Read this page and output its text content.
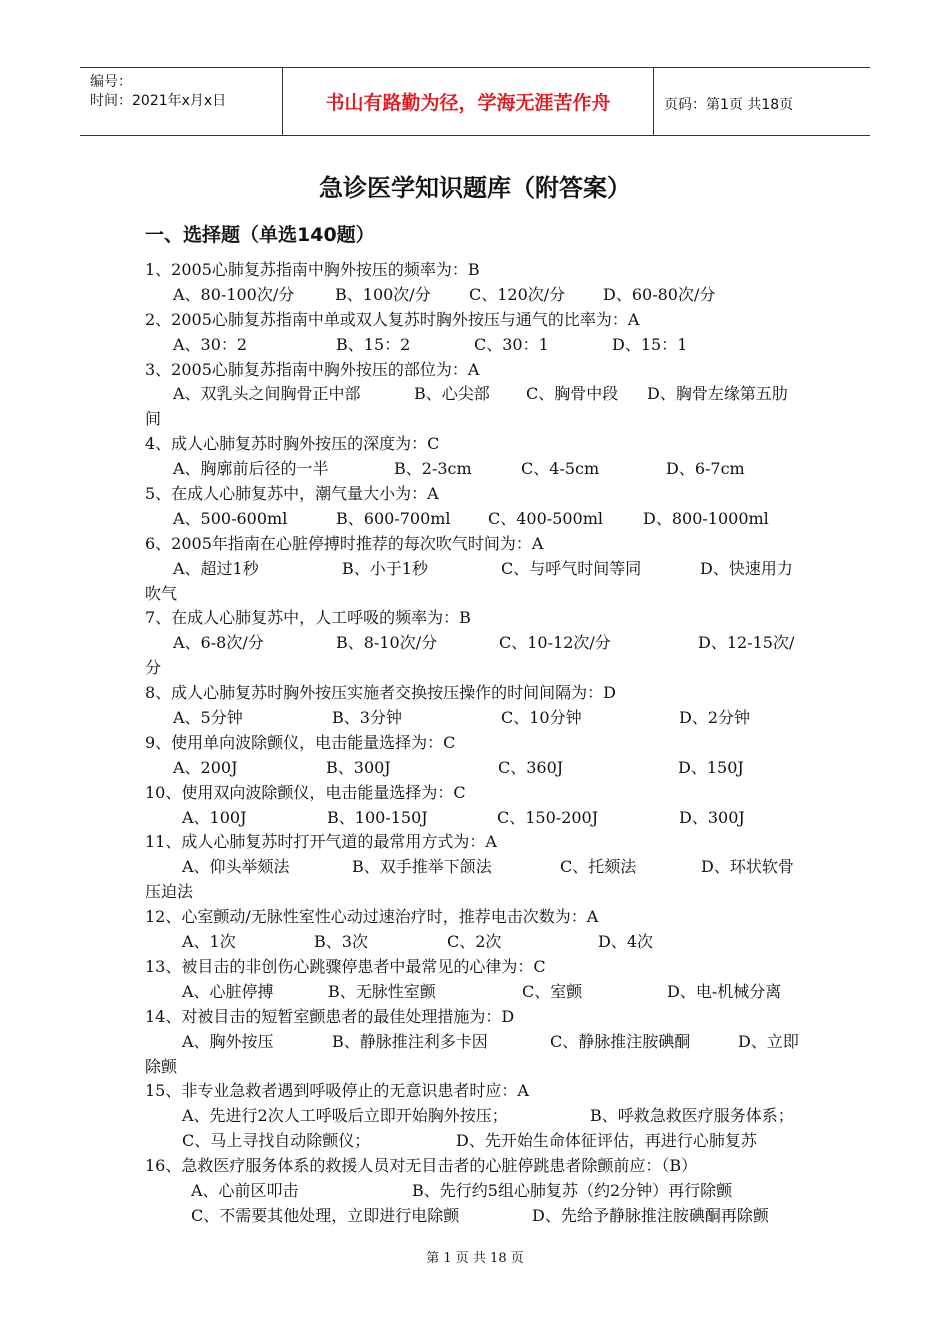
编号：
时间：2021年x月x日	书山有路勤为径，学海无涯苦作舟	页码：第1页 共18页
急诊医学知识题库（附答案）
一、选择题（单选140题）
1、2005心肺复苏指南中胸外按压的频率为：B
A、80-100次/分	B、100次/分	C、120次/分	D、60-80次/分
2、2005心肺复苏指南中单或双人复苏时胸外按压与通气的比率为：A
A、30：2	B、15：2	C、30：1	D、15：1
3、2005心肺复苏指南中胸外按压的部位为：A
A、双乳头之间胸骨正中部	B、心尖部	C、胸骨中段	D、胸骨左缘第五肋
间
4、成人心肺复苏时胸外按压的深度为：C
A、胸廓前后径的一半	B、2-3cm	C、4-5cm	D、6-7cm
5、在成人心肺复苏中，潮气量大小为：A
A、500-600ml	B、600-700ml	C、400-500ml	D、800-1000ml
6、2005年指南在心脏停搏时推荐的每次吹气时间为：A
A、超过1秒	B、小于1秒	C、与呼气时间等同	D、快速用力
吹气
7、在成人心肺复苏中，人工呼吸的频率为：B
A、6-8次/分	B、8-10次/分	C、10-12次/分	D、12-15次/
分
8、成人心肺复苏时胸外按压实施者交换按压操作的时间间隔为：D
A、5分钟	B、3分钟	C、10分钟	D、2分钟
9、使用单向波除颤仪，电击能量选择为：C
A、200J	B、300J	C、360J	D、150J
10、使用双向波除颤仪，电击能量选择为：C
A、100J	B、100-150J	C、150-200J	D、300J
11、成人心肺复苏时打开气道的最常用方式为：A
A、仰头举颏法	B、双手推举下颌法	C、托颏法	D、环状软骨
压迫法
12、心室颤动/无脉性室性心动过速治疗时，推荐电击次数为：A
A、1次	B、3次	C、2次	D、4次
13、被目击的非创伤心跳骤停患者中最常见的心律为：C
A、心脏停搏	B、无脉性室颤	C、室颤	D、电-机械分离
14、对被目击的短暂室颤患者的最佳处理措施为：D
A、胸外按压	B、静脉推注利多卡因	C、静脉推注胺碘酮	D、立即
除颤
15、非专业急救者遇到呼吸停止的无意识患者时应：A
A、先进行2次人工呼吸后立即开始胸外按压；	B、呼救急救医疗服务体系；
C、马上寻找自动除颤仪；	D、先开始生命体征评估，再进行心肺复苏
16、急救医疗服务体系的救援人员对无目击者的心脏停跳患者除颤前应：（B）
A、心前区叩击	B、先行约5组心肺复苏（约2分钟）再行除颤
C、不需要其他处理，立即进行电除颤	D、先给予静脉推注胺碘酮再除颤
第 1 页 共 18 页
